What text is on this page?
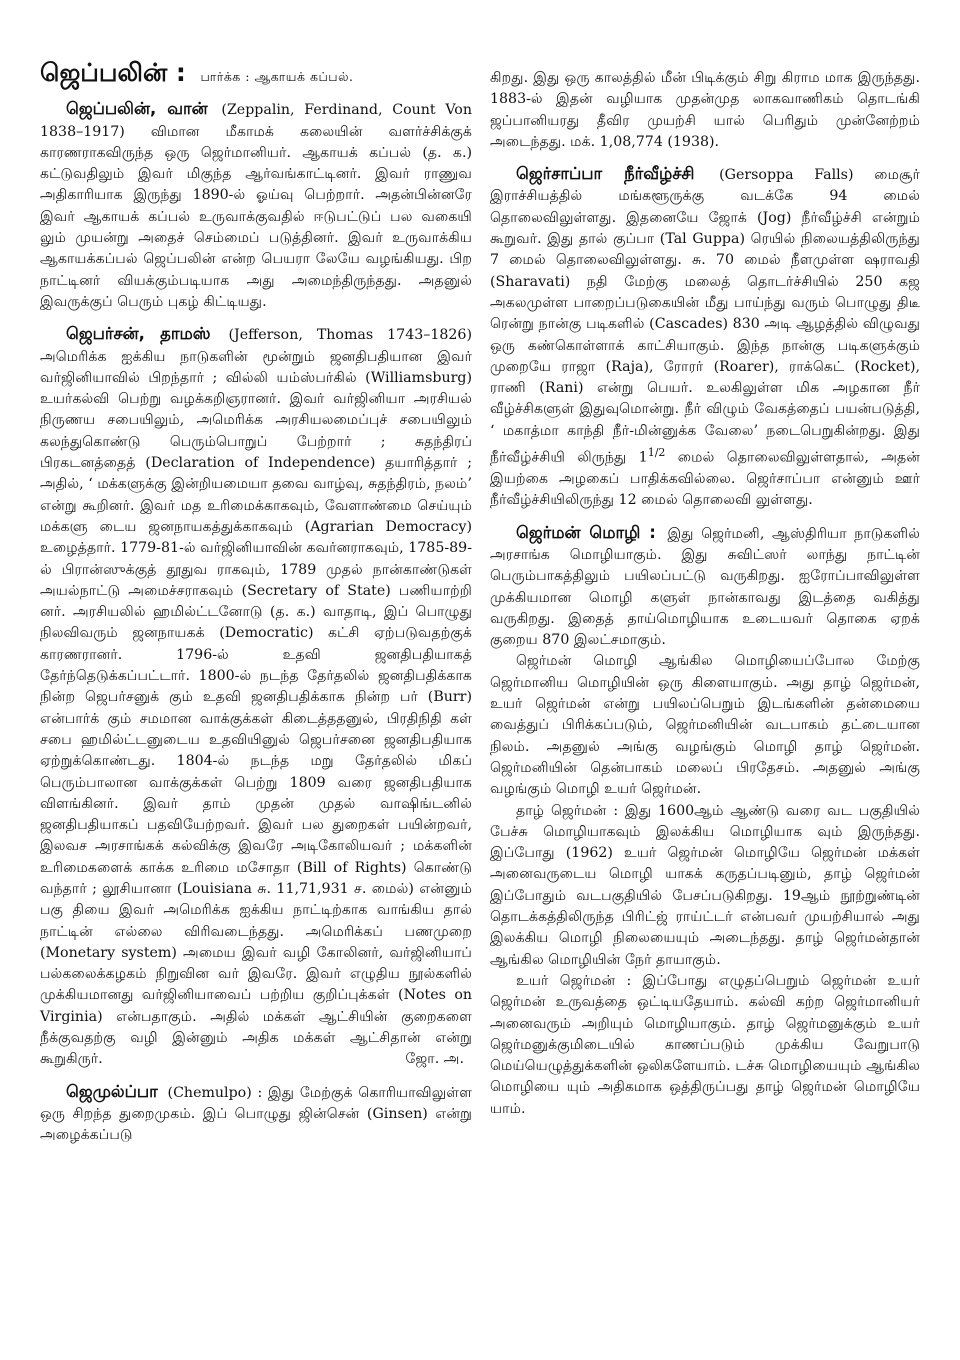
ஜெப்பலின் : பார்க்க : ஆகாயக் கப்பல்.

ஜெப்பலின், வான் (Zeppalin, Ferdinand, Count Von 1838–1917) விமான மீகாமக் கலையின் வளர்ச்சிக்குக் காரணராகவிருந்த ஒரு ஜெர்மானியர். ஆகாயக் கப்பல் (த. க.) கட்டுவதிலும் இவர் மிகுந்த ஆர்வங்காட்டினர். இவர் ராணுவ அதிகாரியாக இருந்து 1890-ல் ஓய்வு பெற்றார். அதன்பின்னரே இவர் ஆகாயக் கப்பல் உருவாக்குவதில் ஈடுபட்டுப் பல வகையி லும் முயன்று அதைச் செம்மைப் படுத்தினர். இவர் உருவாக்கிய ஆகாயக்கப்பல் ஜெப்பலின் என்ற பெயரா லேயே வழங்கியது. பிற நாட்டினர் வியக்கும்படியாக அது அமைந்திருந்தது. அதனுல் இவருக்குப் பெரும் புகழ் கிட்டியது.

ஜெபர்சன், தாமஸ் (Jefferson, Thomas 1743–1826) அமெரிக்க ஐக்கிய நாடுகளின் மூன்றும் ஜனதிபதியான இவர் வர்ஜினியாவில் பிறந்தார் ; வில்லி யம்ஸ்பர்கில் (Williamsburg) உயர்கல்வி பெற்று வழக்கறிஞரானர். இவர் வர்ஜினியா அரசியல் நிருணய சபையிலும், அமெரிக்க அரசியலமைப்புச் சபையிலும் கலந்துகொண்டு பெரும்பொறுப் பேற்றார் ; சுதந்திரப் பிரகடனத்தைத் (Declaration of Independence) தயாரித்தார் ; அதில், ‘ மக்களுக்கு இன்றியமையா தவை வாழ்வு, சுதந்திரம், நலம்’ என்று கூறினர். இவர் மத உரிமைக்காகவும், வேளாண்மை செய்யும் மக்களு டைய ஜனநாயகத்துக்காகவும் (Agrarian Democracy) உழைத்தார். 1779-81-ல் வர்ஜினியாவின் கவர்னராகவும், 1785-89-ல் பிரான்ஸுக்குத் தூதுவ ராகவும், 1789 முதல் நான்காண்டுகள் அயல்நாட்டு அமைச்சராகவும் (Secretary of State) பணியாற்றி னர். அரசியலில் ஹமில்ட்டனோடு (த. க.) வாதாடி, இப் பொழுது நிலவிவரும் ஜனநாயகக் (Democratic) கட்சி ஏற்படுவதற்குக் காரணரானர். 1796-ல் உதவி ஜனதிபதியாகத் தேர்ந்தெடுக்கப்பட்டார். 1800-ல் நடந்த தேர்தலில் ஜனதிபதிக்காக நின்ற ஜெபர்சனுக் கும் உதவி ஜனதிபதிக்காக நின்ற பர் (Burr) என்பார்க் கும் சமமான வாக்குக்கள் கிடைத்ததனுல், பிரதிநிதி கள் சபை ஹமில்ட்டனுடைய உதவியினுல் ஜெபர்சனை ஜனதிபதியாக ஏற்றுக்கொண்டது. 1804-ல் நடந்த மறு தேர்தலில் மிகப் பெரும்பாலான வாக்குக்கள் பெற்று 1809 வரை ஜனதிபதியாக விளங்கினர். இவர் தாம் முதன் முதல் வாஷிங்டனில் ஜனதிபதியாகப் பதவியேற்றவர். இவர் பல துறைகள் பயின்றவர், இலவச அரசாங்கக் கல்விக்கு இவரே அடிகோலியவர் ; மக்களின் உரிமைகளைக் காக்க உரிமை மசோதா (Bill of Rights) கொண்டு வந்தார் ; லூசியானா (Louisiana சு. 11,71,931 ச. மைல்) என்னும் பகு தியை இவர் அமெரிக்க ஐக்கிய நாட்டிற்காக வாங்கிய தால் நாட்டின் எல்லை விரிவடைந்தது. அமெரிக்கப் பணமுறை (Monetary system) அமைய இவர் வழி கோலினர், வர்ஜினியாப் பல்கலைக்கழகம் நிறுவின வர் இவரே. இவர் எழுதிய நூல்களில் முக்கியமானது வர்ஜினியாவைப் பற்றிய குறிப்புக்கள் (Notes on Virginia) என்பதாகும். அதில் மக்கள் ஆட்சியின் குறைகளை நீக்குவதற்கு வழி இன்னும் அதிக மக்கள் ஆட்சிதான் என்று கூறுகிருர்.	ஜோ. அ.

ஜெமுல்ப்பா (Chemulpo) : இது மேற்குக் கொரியாவிலுள்ள ஒரு சிறந்த துறைமுகம். இப் பொழுது ஜின்சென் (Ginsen) என்று அழைக்கப்படு

கிறது. இது ஒரு காலத்தில் மீன் பிடிக்கும் சிறு கிராம மாக இருந்தது. 1883-ல் இதன் வழியாக முதன்முத லாகவாணிகம் தொடங்கி ஜப்பானியரது தீவிர முயற்சி யால் பெரிதும் முன்னேற்றம் அடைந்தது. மக். 1,08,774 (1938).

ஜெர்சாப்பா நீர்வீழ்ச்சி (Gersoppa Falls) மைசூர் இராச்சியத்தில் மங்களூருக்கு வடக்கே 94 மைல் தொலைவிலுள்ளது. இதனையே ஜோக் (Jog) நீர்வீழ்ச்சி என்றும் கூறுவர். இது தால் குப்பா (Tal Guppa) ரெயில் நிலையத்திலிருந்து 7 மைல் தொலைவிலுள்ளது. சு. 70 மைல் நீளமுள்ள ஷராவதி (Sharavati) நதி மேற்கு மலைத் தொடர்ச்சியில் 250 கஜ அகலமுள்ள பாறைப்படுகையின் மீது பாய்ந்து வரும் பொழுது திடீ ரென்று நான்கு படிகளில் (Cascades) 830 அடி ஆழத்தில் விழுவது ஒரு கண்கொள்ளாக் காட்சியாகும். இந்த நான்கு படிகளுக்கும் முறையே ராஜா (Raja), ரோரர் (Roarer), ராக்கெட் (Rocket), ராணி (Rani) என்று பெயர். உலகிலுள்ள மிக அழகான நீர் வீழ்ச்சிகளுள் இதுவுமொன்று. நீர் விழும் வேகத்தைப் பயன்படுத்தி, ‘ மகாத்மா காந்தி நீர்-மின்னுக்க வேலை’ நடைபெறுகின்றது. இது நீர்வீழ்ச்சியி லிருந்து $1^{1/2}$ மைல் தொலைவிலுள்ளதால், அதன் இயற்கை அழகைப் பாதிக்கவில்லை. ஜெர்சாப்பா என்னும் ஊர் நீர்வீழ்ச்சியிலிருந்து 12 மைல் தொலைவி லுள்ளது.

ஜெர்மன் மொழி : இது ஜெர்மனி, ஆஸ்திரியா நாடுகளில் அரசாங்க மொழியாகும். இது சுவிட்ஸர் லாந்து நாட்டின் பெரும்பாகத்திலும் பயிலப்பட்டு வருகிறது. ஐரோப்பாவிலுள்ள முக்கியமான மொழி களுள் நான்காவது இடத்தை வகித்து வருகிறது. இதைத் தாய்மொழியாக உடையவர் தொகை ஏறக் குறைய 870 இலட்சமாகும்.

ஜெர்மன் மொழி ஆங்கில மொழியைப்போல மேற்கு ஜெர்மானிய மொழியின் ஒரு கிளையாகும். அது தாழ் ஜெர்மன், உயர் ஜெர்மன் என்று பயிலப்பெறும் இடங்களின் தன்மையை வைத்துப் பிரிக்கப்படும், ஜெர்மனியின் வடபாகம் தட்டையான நிலம். அதனுல் அங்கு வழங்கும் மொழி தாழ் ஜெர்மன். ஜெர்மனியின் தென்பாகம் மலைப் பிரதேசம். அதனுல் அங்கு வழங்கும் மொழி உயர் ஜெர்மன்.

தாழ் ஜெர்மன் : இது 1600ஆம் ஆண்டு வரை வட பகுதியில் பேச்சு மொழியாகவும் இலக்கிய மொழியாக வும் இருந்தது. இப்போது (1962) உயர் ஜெர்மன் மொழியே ஜெர்மன் மக்கள் அனைவருடைய மொழி யாகக் கருதப்படினும், தாழ் ஜெர்மன் இப்போதும் வடபகுதியில் பேசப்படுகிறது. 19ஆம் நூற்றுண்டின் தொடக்கத்திலிருந்த பிரிட்ஜ் ராய்ட்டர் என்பவர் முயற்சியால் அது இலக்கிய மொழி நிலையையும் அடைந்தது. தாழ் ஜெர்மன்தான் ஆங்கில மொழியின் நேர் தாயாகும்.

உயர் ஜெர்மன் : இப்போது எழுதப்பெறும் ஜெர்மன் உயர் ஜெர்மன் உருவத்தை ஒட்டியதேயாம். கல்வி கற்ற ஜெர்மானியர் அனைவரும் அறியும் மொழியாகும். தாழ் ஜெர்மனுக்கும் உயர் ஜெர்மனுக்குமிடையில் காணப்படும் முக்கிய வேறுபாடு மெய்யெழுத்துக்களின் ஒலிகளேயாம். டச்சு மொழியையும் ஆங்கில மொழியை யும் அதிகமாக ஒத்திருப்பது தாழ் ஜெர்மன் மொழியே யாம்.
